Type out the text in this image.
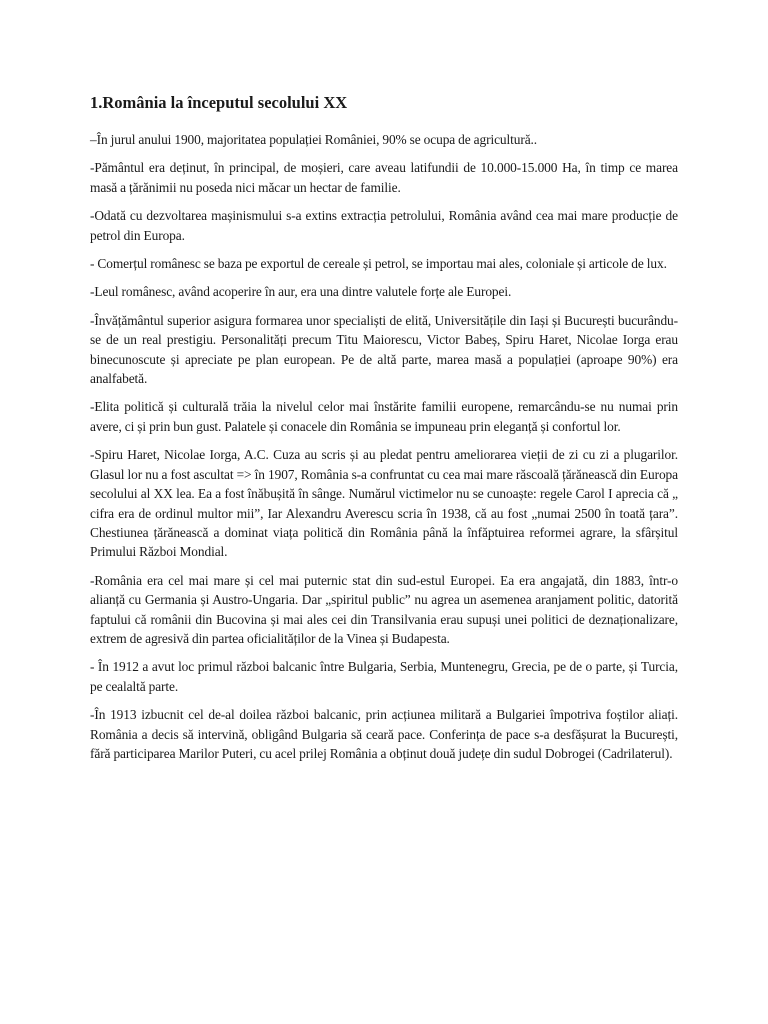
1.România la începutul secolului XX

–În jurul anului 1900, majoritatea populației României, 90% se ocupa de agricultură..

-Pământul era deținut, în principal, de moșieri, care aveau latifundii de 10.000-15.000 Ha, în timp ce marea masă a țărănimii nu poseda nici măcar un hectar de familie.

-Odată cu dezvoltarea mașinismului s-a extins extracția petrolului, România având cea mai mare producție de petrol din Europa.

- Comerțul românesc se baza pe exportul de cereale și petrol, se importau mai ales, coloniale și articole de lux.

-Leul românesc, având acoperire în aur, era una dintre valutele forțe ale Europei.

-Învățământul superior asigura formarea unor specialiști de elită, Universitățile din Iași și București bucurându-se de un real prestigiu. Personalități precum Titu Maiorescu, Victor Babeș, Spiru Haret, Nicolae Iorga erau binecunoscute și apreciate pe plan european. Pe de altă parte, marea masă a populației (aproape 90%) era analfabetă.

-Elita politică și culturală trăia la nivelul celor mai înstărite familii europene, remarcându-se nu numai prin avere, ci și prin bun gust. Palatele și conacele din România se impuneau prin eleganță și confortul lor.

-Spiru Haret, Nicolae Iorga, A.C. Cuza au scris și au pledat pentru ameliorarea vieții de zi cu zi a plugarilor. Glasul lor nu a fost ascultat => în 1907, România s-a confruntat cu cea mai mare răscoală țărănească din Europa secolului al XX lea. Ea a fost înăbușită în sânge. Numărul victimelor nu se cunoaște: regele Carol I aprecia că „ cifra era de ordinul multor mii”, Iar Alexandru Averescu scria în 1938, că au fost „numai 2500 în toată țara”. Chestiunea țărănească a dominat viața politică din România până la înfăptuirea reformei agrare, la sfârșitul Primului Război Mondial.

-România era cel mai mare și cel mai puternic stat din sud-estul Europei. Ea era angajată, din 1883, într-o alianță cu Germania și Austro-Ungaria. Dar „spiritul public” nu agrea un asemenea aranjament politic, datorită faptului că românii din Bucovina și mai ales cei din Transilvania erau supuși unei politici de deznaționalizare, extrem de agresivă din partea oficialităților de la Vinea și Budapesta.

- În 1912 a avut loc primul război balcanic între Bulgaria, Serbia, Muntenegru, Grecia, pe de o parte, și Turcia, pe cealaltă parte.

-În 1913 izbucnit cel de-al doilea război balcanic, prin acțiunea militară a Bulgariei împotriva foștilor aliați. România a decis să intervină, obligând Bulgaria să ceară pace. Conferința de pace s-a desfășurat la București, fără participarea Marilor Puteri, cu acel prilej România a obținut două județe din sudul Dobrogei (Cadrilaterul).
